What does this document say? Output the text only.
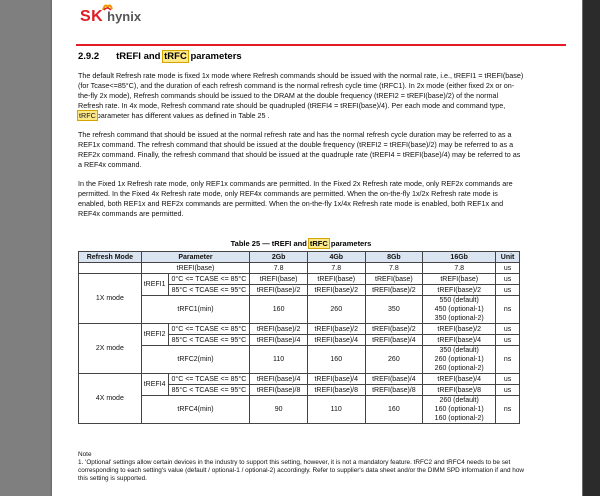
SK hynix
2.9.2 tREFI and tRFC parameters
The default Refresh rate mode is fixed 1x mode where Refresh commands should be issued with the normal rate, i.e., tREFI1 = tREFI(base) (for Tcase<=85°C), and the duration of each refresh command is the normal refresh cycle time (tRFC1). In 2x mode (either fixed 2x or on-the-fly 2x mode), Refresh commands should be issued to the DRAM at the double frequency (tREFI2 = tREFI(base)/2) of the normal Refresh rate. In 4x mode, Refresh command rate should be quadrupled (tREFI4 = tREFI(base)/4). Per each mode and command type, tRFCparameter has different values as defined in Table 25 .
The refresh command that should be issued at the normal refresh rate and has the normal refresh cycle duration may be referred to as a REF1x command. The refresh command that should be issued at the double frequency (tREFI2 = tREFI(base)/2) may be referred to as a REF2x command. Finally, the refresh command that should be issued at the quadruple rate (tREFI4 = tREFI(base)/4) may be referred to as a REF4x command.
In the Fixed 1x Refresh rate mode, only REF1x commands are permitted. In the Fixed 2x Refresh rate mode, only REF2x commands are permitted. In the Fixed 4x Refresh rate mode, only REF4x commands are permitted. When the on-the-fly 1x/2x Refresh rate mode is enabled, both REF1x and REF2x commands are permitted. When the on-the-fly 1x/4x Refresh rate mode is enabled, both REF1x and REF4x commands are permitted.
Table 25 — tREFI and tRFC parameters
Refresh Mode	Parameter		2Gb	4Gb	8Gb	16Gb	Unit
	tREFI(base)		7.8	7.8	7.8	7.8	us
1X mode	tREFI1	0°C <= TCASE <= 85°C	tREFI(base)	tREFI(base)	tREFI(base)	tREFI(base)	us
		85°C < TCASE <= 95°C	tREFI(base)/2	tREFI(base)/2	tREFI(base)/2	tREFI(base)/2	us
	tRFC1(min)		160	260	350	550 (default)
450 (optional-1)
350 (optional-2)	ns
2X mode	tREFI2	0°C <= TCASE <= 85°C	tREFI(base)/2	tREFI(base)/2	tREFI(base)/2	tREFI(base)/2	us
		85°C < TCASE <= 95°C	tREFI(base)/4	tREFI(base)/4	tREFI(base)/4	tREFI(base)/4	us
	tRFC2(min)		110	160	260	350 (default)
260 (optional-1)
260 (optional-2)	ns
4X mode	tREFI4	0°C <= TCASE <= 85°C	tREFI(base)/4	tREFI(base)/4	tREFI(base)/4	tREFI(base)/4	us
		85°C < TCASE <= 95°C	tREFI(base)/8	tREFI(base)/8	tREFI(base)/8	tREFI(base)/8	us
	tRFC4(min)		90	110	160	260 (default)
160 (optional-1)
160 (optional-2)	ns
Note
1. 'Optional' settings allow certain devices in the industry to support this setting, however, it is not a mandatory feature. tRFC2 and tRFC4 needs to be set corresponding to each setting's value (default / optional-1 / optional-2) accordingly. Refer to supplier's data sheet and/or the DIMM SPD information if and how this setting is supported.
